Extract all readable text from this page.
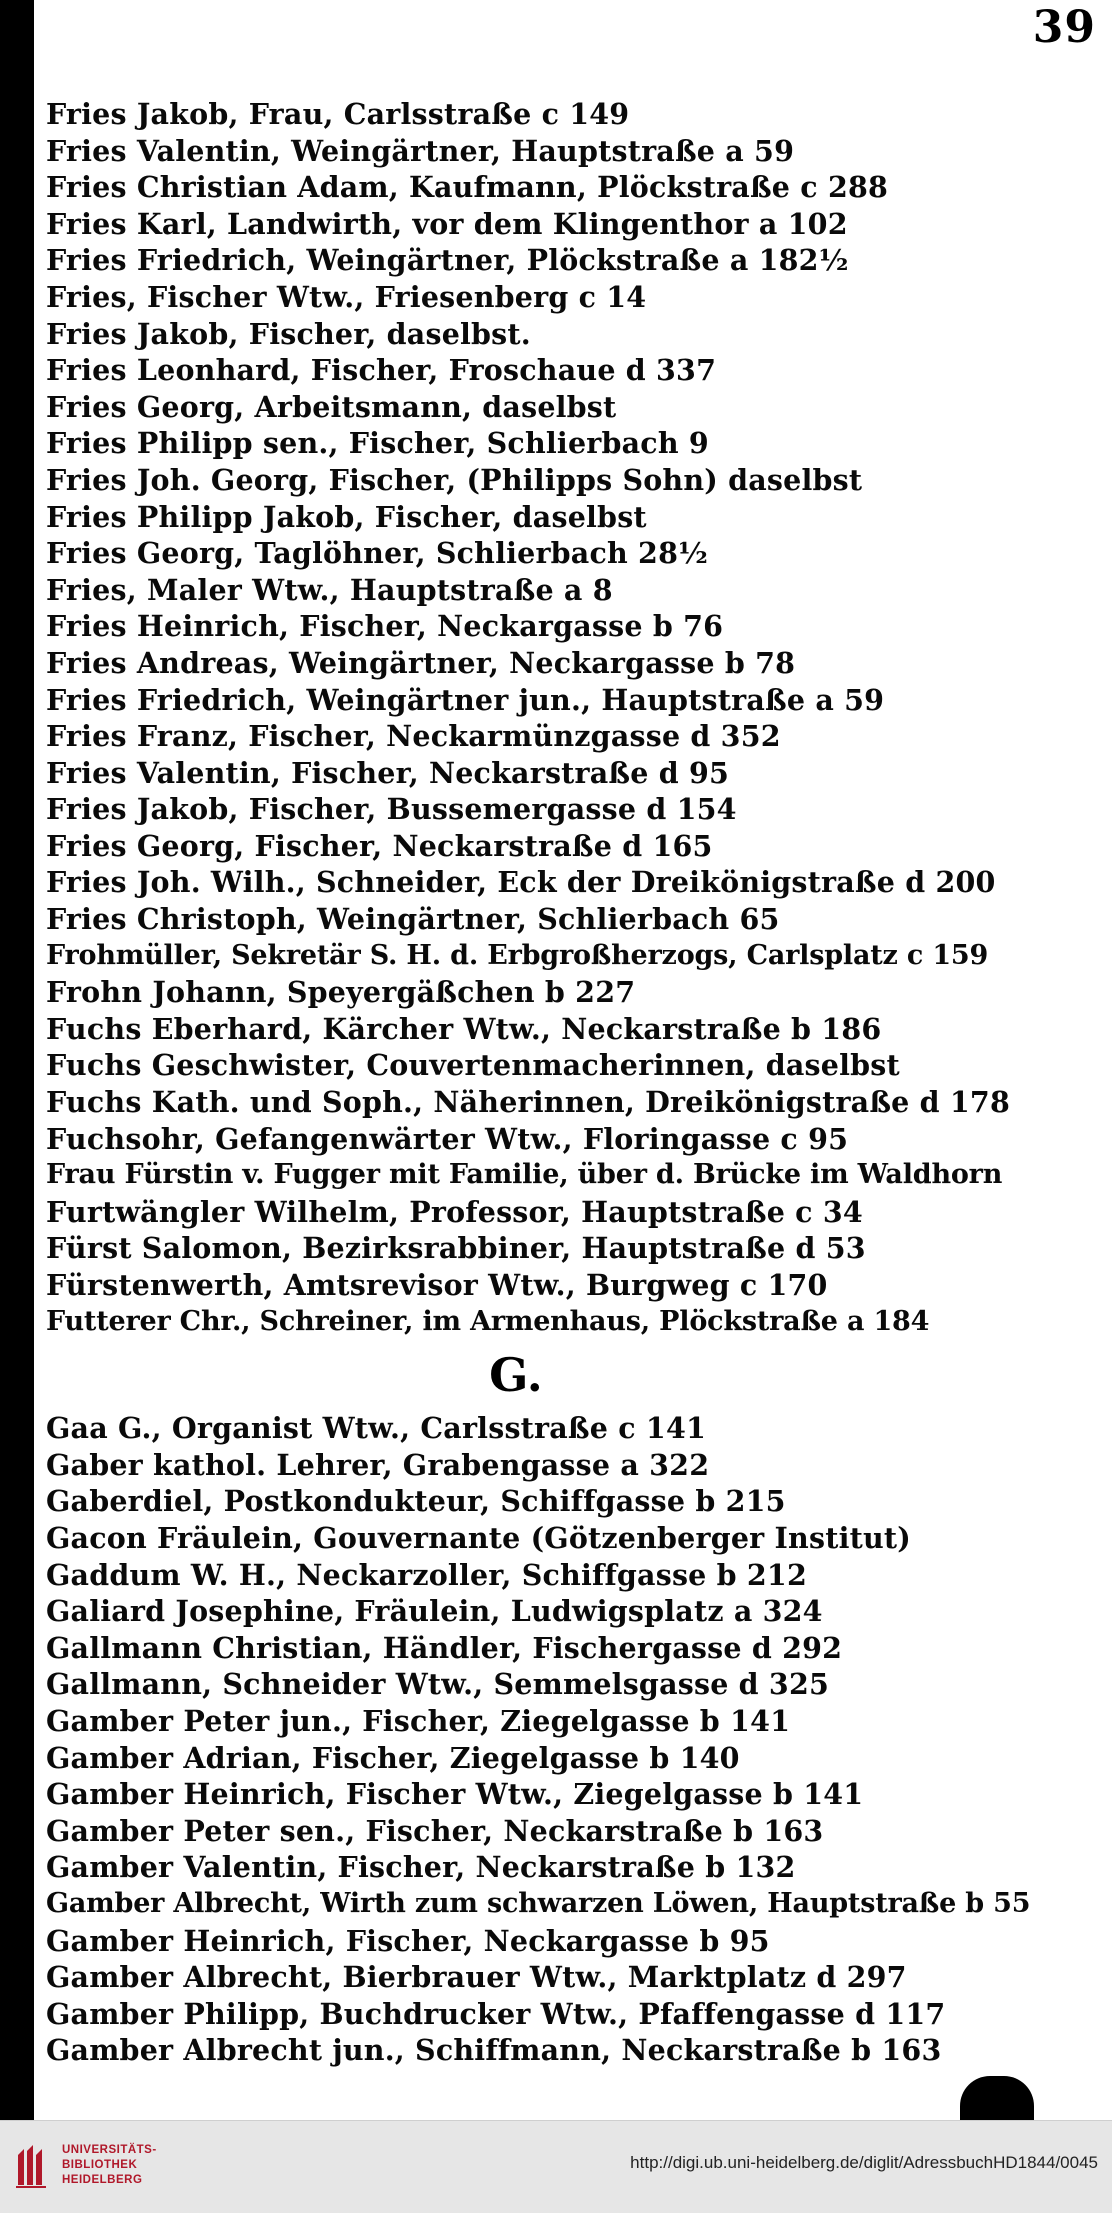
39
Fries Jakob, Frau, Carlsstraße c 149
Fries Valentin, Weingärtner, Hauptstraße a 59
Fries Christian Adam, Kaufmann, Plöckstraße c 288
Fries Karl, Landwirth, vor dem Klingenthor a 102
Fries Friedrich, Weingärtner, Plöckstraße a 182½
Fries, Fischer Wtw., Friesenberg c 14
Fries Jakob, Fischer, daselbst.
Fries Leonhard, Fischer, Froschaue d 337
Fries Georg, Arbeitsmann, daselbst
Fries Philipp sen., Fischer, Schlierbach 9
Fries Joh. Georg, Fischer, (Philipps Sohn) daselbst
Fries Philipp Jakob, Fischer, daselbst
Fries Georg, Taglöhner, Schlierbach 28½
Fries, Maler Wtw., Hauptstraße a 8
Fries Heinrich, Fischer, Neckargasse b 76
Fries Andreas, Weingärtner, Neckargasse b 78
Fries Friedrich, Weingärtner jun., Hauptstraße a 59
Fries Franz, Fischer, Neckarmünzgasse d 352
Fries Valentin, Fischer, Neckarstraße d 95
Fries Jakob, Fischer, Bussemergasse d 154
Fries Georg, Fischer, Neckarstraße d 165
Fries Joh. Wilh., Schneider, Eck der Dreikönigstraße d 200
Fries Christoph, Weingärtner, Schlierbach 65
Frohmüller, Sekretär S. H. d. Erbgroßherzogs, Carlsplatz c 159
Frohn Johann, Speyergäßchen b 227
Fuchs Eberhard, Kärcher Wtw., Neckarstraße b 186
Fuchs Geschwister, Couvertenmacherinnen, daselbst
Fuchs Kath. und Soph., Näherinnen, Dreikönigstraße d 178
Fuchsohr, Gefangenwärter Wtw., Floringasse c 95
Frau Fürstin v. Fugger mit Familie, über d. Brücke im Waldhorn
Furtwängler Wilhelm, Professor, Hauptstraße c 34
Fürst Salomon, Bezirksrabbiner, Hauptstraße d 53
Fürstenwerth, Amtsrevisor Wtw., Burgweg c 170
Futterer Chr., Schreiner, im Armenhaus, Plöckstraße a 184
G.
Gaa G., Organist Wtw., Carlsstraße c 141
Gaber kathol. Lehrer, Grabengasse a 322
Gaberdiel, Postkondukteur, Schiffgasse b 215
Gacon Fräulein, Gouvernante (Götzenberger Institut)
Gaddum W. H., Neckarzoller, Schiffgasse b 212
Galiard Josephine, Fräulein, Ludwigsplatz a 324
Gallmann Christian, Händler, Fischergasse d 292
Gallmann, Schneider Wtw., Semmelsgasse d 325
Gamber Peter jun., Fischer, Ziegelgasse b 141
Gamber Adrian, Fischer, Ziegelgasse b 140
Gamber Heinrich, Fischer Wtw., Ziegelgasse b 141
Gamber Peter sen., Fischer, Neckarstraße b 163
Gamber Valentin, Fischer, Neckarstraße b 132
Gamber Albrecht, Wirth zum schwarzen Löwen, Hauptstraße b 55
Gamber Heinrich, Fischer, Neckargasse b 95
Gamber Albrecht, Bierbrauer Wtw., Marktplatz d 297
Gamber Philipp, Buchdrucker Wtw., Pfaffengasse d 117
Gamber Albrecht jun., Schiffmann, Neckarstraße b 163
UNIVERSITÄTS-
BIBLIOTHEK
HEIDELBERG
http://digi.ub.uni-heidelberg.de/diglit/AdressbuchHD1844/0045
